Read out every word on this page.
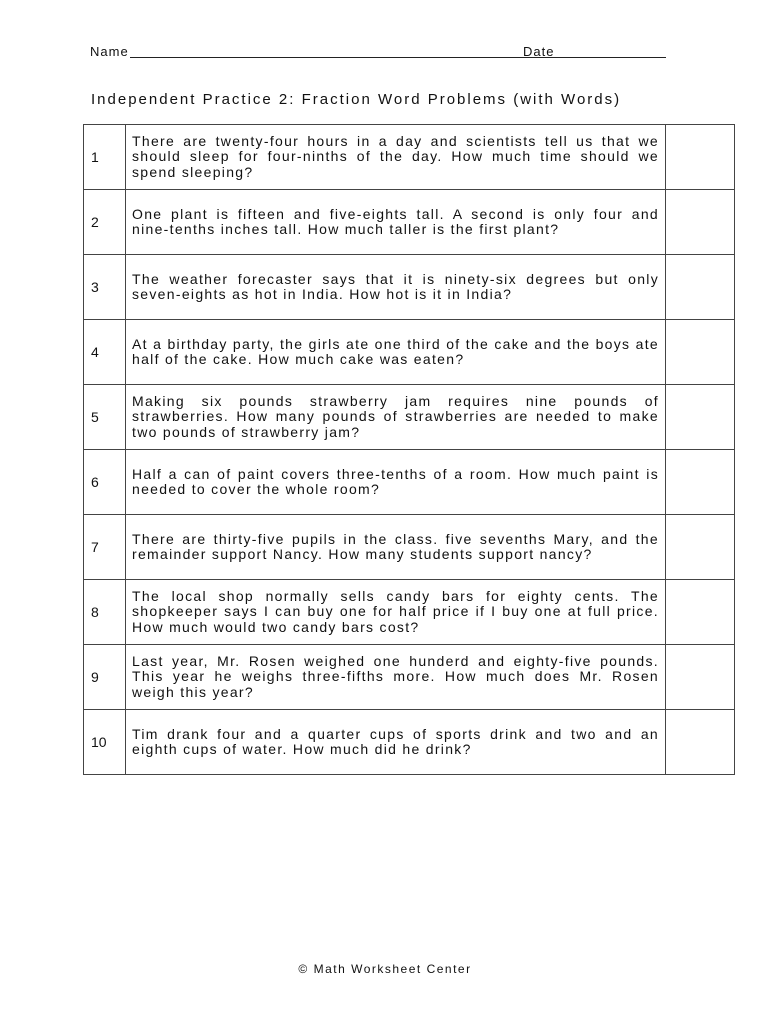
Name	Date
Independent Practice 2: Fraction Word Problems (with Words)
1	There are twenty-four hours in a day and scientists tell us that we should sleep for four-ninths of the day. How much time should we spend sleeping?	
2	One plant is fifteen and five-eights tall. A second is only four and nine-tenths inches tall. How much taller is the first plant?	
3	The weather forecaster says that it is ninety-six degrees but only seven-eights as hot in India. How hot is it in India?	
4	At a birthday party, the girls ate one third of the cake and the boys ate half of the cake. How much cake was eaten?	
5	Making six pounds strawberry jam requires nine pounds of strawberries. How many pounds of strawberries are needed to make two pounds of strawberry jam?	
6	Half a can of paint covers three-tenths of a room. How much paint is needed to cover the whole room?	
7	There are thirty-five pupils in the class. five sevenths Mary, and the remainder support Nancy. How many students support nancy?	
8	The local shop normally sells candy bars for eighty cents. The shopkeeper says I can buy one for half price if I buy one at full price. How much would two candy bars cost?	
9	Last year, Mr. Rosen weighed one hunderd and eighty-five pounds. This year he weighs three-fifths more. How much does Mr. Rosen weigh this year?	
10	Tim drank four and a quarter cups of sports drink and two and an eighth cups of water. How much did he drink?	
© Math Worksheet Center
